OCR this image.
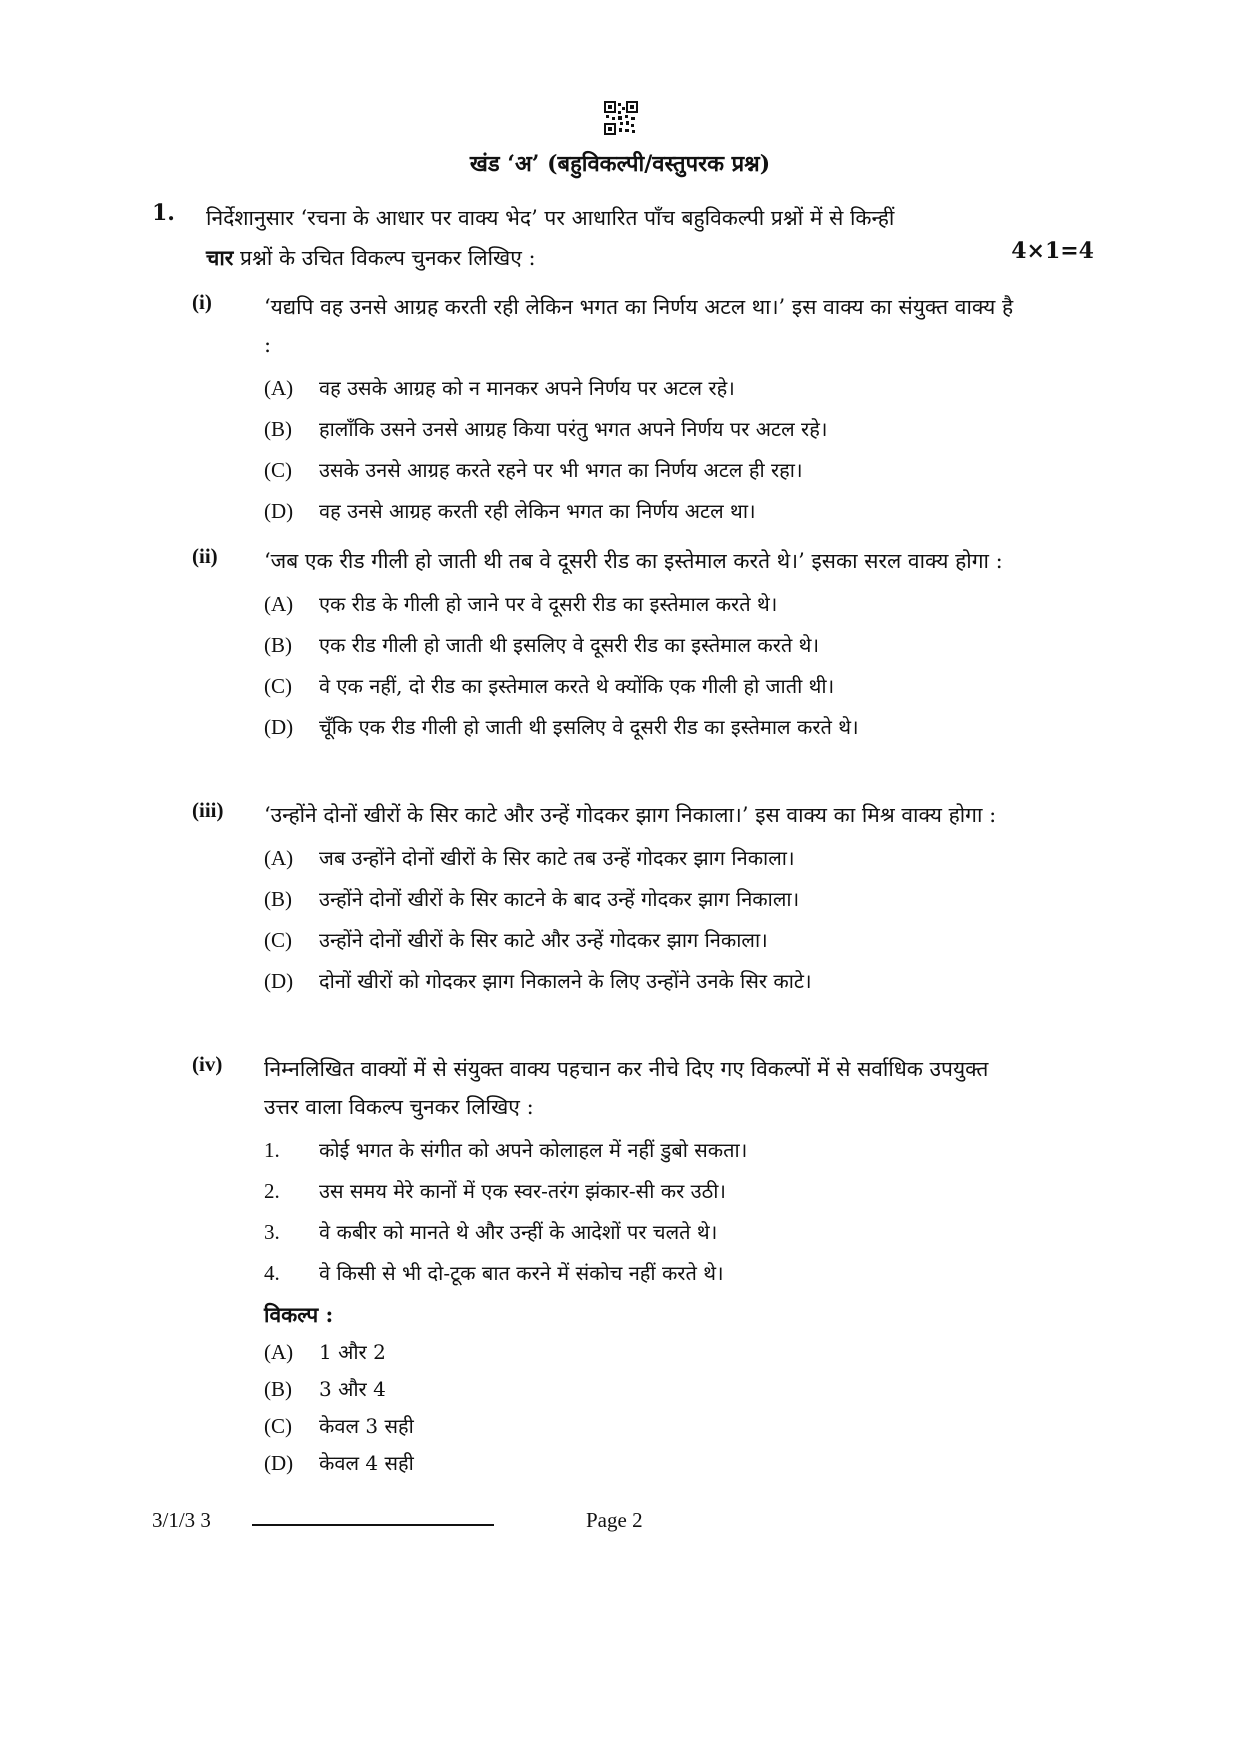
खंड ‘अ’ (बहुविकल्पी/वस्तुपरक प्रश्न)
1. निर्देशानुसार ‘रचना के आधार पर वाक्य भेद’ पर आधारित पाँच बहुविकल्पी प्रश्नों में से किन्हीं
चार प्रश्नों के उचित विकल्प चुनकर लिखिए :	4×1=4
(i) ‘यद्यपि वह उनसे आग्रह करती रही लेकिन भगत का निर्णय अटल था।’ इस वाक्य का संयुक्त वाक्य है :
(A)	वह उसके आग्रह को न मानकर अपने निर्णय पर अटल रहे।
(B)	हालाँकि उसने उनसे आग्रह किया परंतु भगत अपने निर्णय पर अटल रहे।
(C)	उसके उनसे आग्रह करते रहने पर भी भगत का निर्णय अटल ही रहा।
(D)	वह उनसे आग्रह करती रही लेकिन भगत का निर्णय अटल था।
(ii) ‘जब एक रीड गीली हो जाती थी तब वे दूसरी रीड का इस्तेमाल करते थे।’ इसका सरल वाक्य होगा :
(A)	एक रीड के गीली हो जाने पर वे दूसरी रीड का इस्तेमाल करते थे।
(B)	एक रीड गीली हो जाती थी इसलिए वे दूसरी रीड का इस्तेमाल करते थे।
(C)	वे एक नहीं, दो रीड का इस्तेमाल करते थे क्योंकि एक गीली हो जाती थी।
(D)	चूँकि एक रीड गीली हो जाती थी इसलिए वे दूसरी रीड का इस्तेमाल करते थे।
(iii) ‘उन्होंने दोनों खीरों के सिर काटे और उन्हें गोदकर झाग निकाला।’ इस वाक्य का मिश्र वाक्य होगा :
(A)	जब उन्होंने दोनों खीरों के सिर काटे तब उन्हें गोदकर झाग निकाला।
(B)	उन्होंने दोनों खीरों के सिर काटने के बाद उन्हें गोदकर झाग निकाला।
(C)	उन्होंने दोनों खीरों के सिर काटे और उन्हें गोदकर झाग निकाला।
(D)	दोनों खीरों को गोदकर झाग निकालने के लिए उन्होंने उनके सिर काटे।
(iv) निम्नलिखित वाक्यों में से संयुक्त वाक्य पहचान कर नीचे दिए गए विकल्पों में से सर्वाधिक उपयुक्त उत्तर वाला विकल्प चुनकर लिखिए :
1.	कोई भगत के संगीत को अपने कोलाहल में नहीं डुबो सकता।
2.	उस समय मेरे कानों में एक स्वर-तरंग झंकार-सी कर उठी।
3.	वे कबीर को मानते थे और उन्हीं के आदेशों पर चलते थे।
4.	वे किसी से भी दो-टूक बात करने में संकोच नहीं करते थे।
विकल्प :
(A)	1 और 2
(B)	3 और 4
(C)	केवल 3 सही
(D)	केवल 4 सही
3/1/3 3	Page 2
